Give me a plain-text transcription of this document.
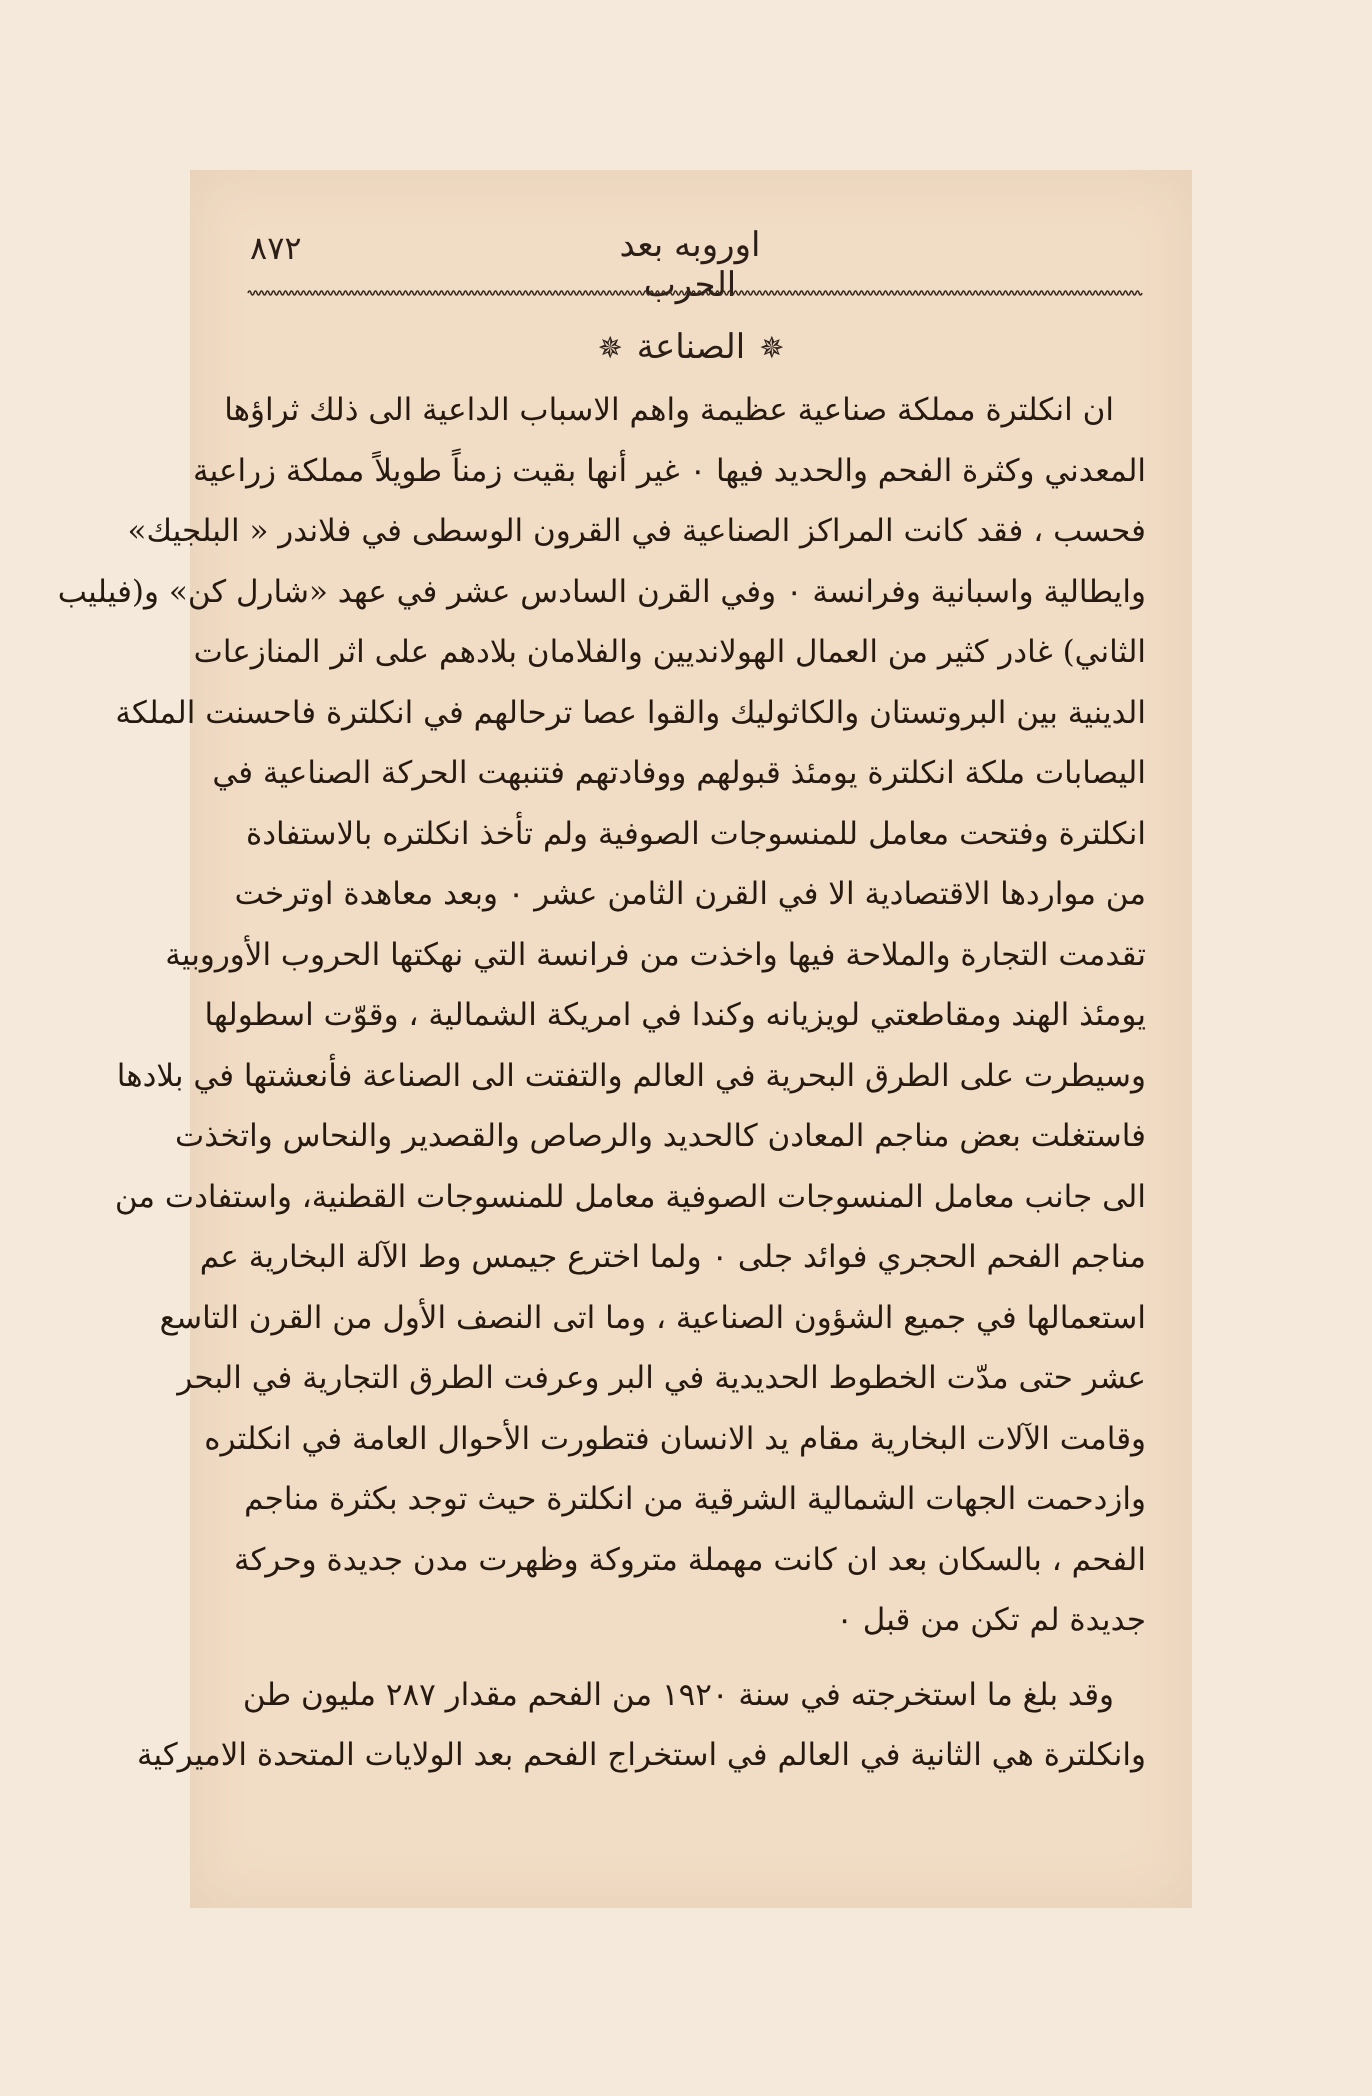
٨٧٢	اوروبه بعد الحرب
✵الصناعة✵
ان انكلترة مملكة صناعية عظيمة واهم الاسباب الداعية الى ذلك ثراؤها
المعدني وكثرة الفحم والحديد فيها ٠ غير أنها بقيت زمناً طويلاً مملكة زراعية
فحسب ، فقد كانت المراكز الصناعية في القرون الوسطى في فلاندر « البلجيك»
وايطالية واسبانية وفرانسة ٠ وفي القرن السادس عشر في عهد «شارل كن» و(فيليب
الثاني) غادر كثير من العمال الهولانديين والفلامان بلادهم على اثر المنازعات
الدينية بين البروتستان والكاثوليك والقوا عصا ترحالهم في انكلترة فاحسنت الملكة
اليصابات ملكة انكلترة يومئذ قبولهم ووفادتهم فتنبهت الحركة الصناعية في
انكلترة وفتحت معامل للمنسوجات الصوفية ولم تأخذ انكلتره بالاستفادة
من مواردها الاقتصادية الا في القرن الثامن عشر ٠ وبعد معاهدة اوترخت
تقدمت التجارة والملاحة فيها واخذت من فرانسة التي نهكتها الحروب الأوروبية
يومئذ الهند ومقاطعتي لويزيانه وكندا في امريكة الشمالية ، وقوّت اسطولها
وسيطرت على الطرق البحرية في العالم والتفتت الى الصناعة فأنعشتها في بلادها
فاستغلت بعض مناجم المعادن كالحديد والرصاص والقصدير والنحاس واتخذت
الى جانب معامل المنسوجات الصوفية معامل للمنسوجات القطنية، واستفادت من
مناجم الفحم الحجري فوائد جلى ٠ ولما اخترع جيمس وط الآلة البخارية عم
استعمالها في جميع الشؤون الصناعية ، وما اتى النصف الأول من القرن التاسع
عشر حتى مدّت الخطوط الحديدية في البر وعرفت الطرق التجارية في البحر
وقامت الآلات البخارية مقام يد الانسان فتطورت الأحوال العامة في انكلتره
وازدحمت الجهات الشمالية الشرقية من انكلترة حيث توجد بكثرة مناجم
الفحم ، بالسكان بعد ان كانت مهملة متروكة وظهرت مدن جديدة وحركة
جديدة لم تكن من قبل ٠
وقد بلغ ما استخرجته في سنة ١٩٢٠ من الفحم مقدار ٢٨٧ مليون طن
وانكلترة هي الثانية في العالم في استخراج الفحم بعد الولايات المتحدة الاميركية
